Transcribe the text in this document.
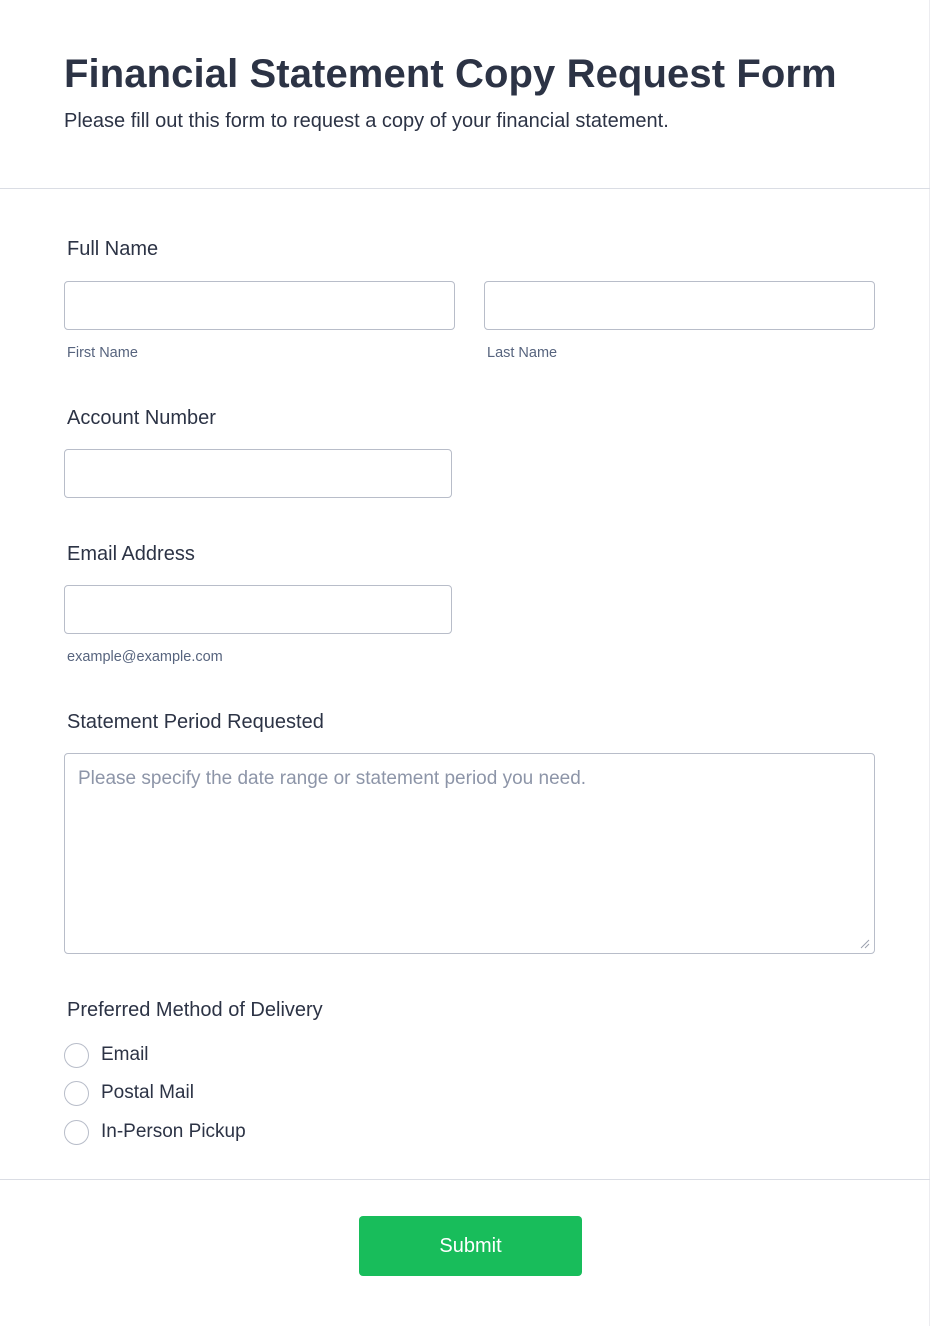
Financial Statement Copy Request Form

Please fill out this form to request a copy of your financial statement.

Full Name
First Name	Last Name
Account Number
Email Address
example@example.com
Statement Period Requested
Please specify the date range or statement period you need.
Preferred Method of Delivery
Email
Postal Mail
In-Person Pickup
Submit
